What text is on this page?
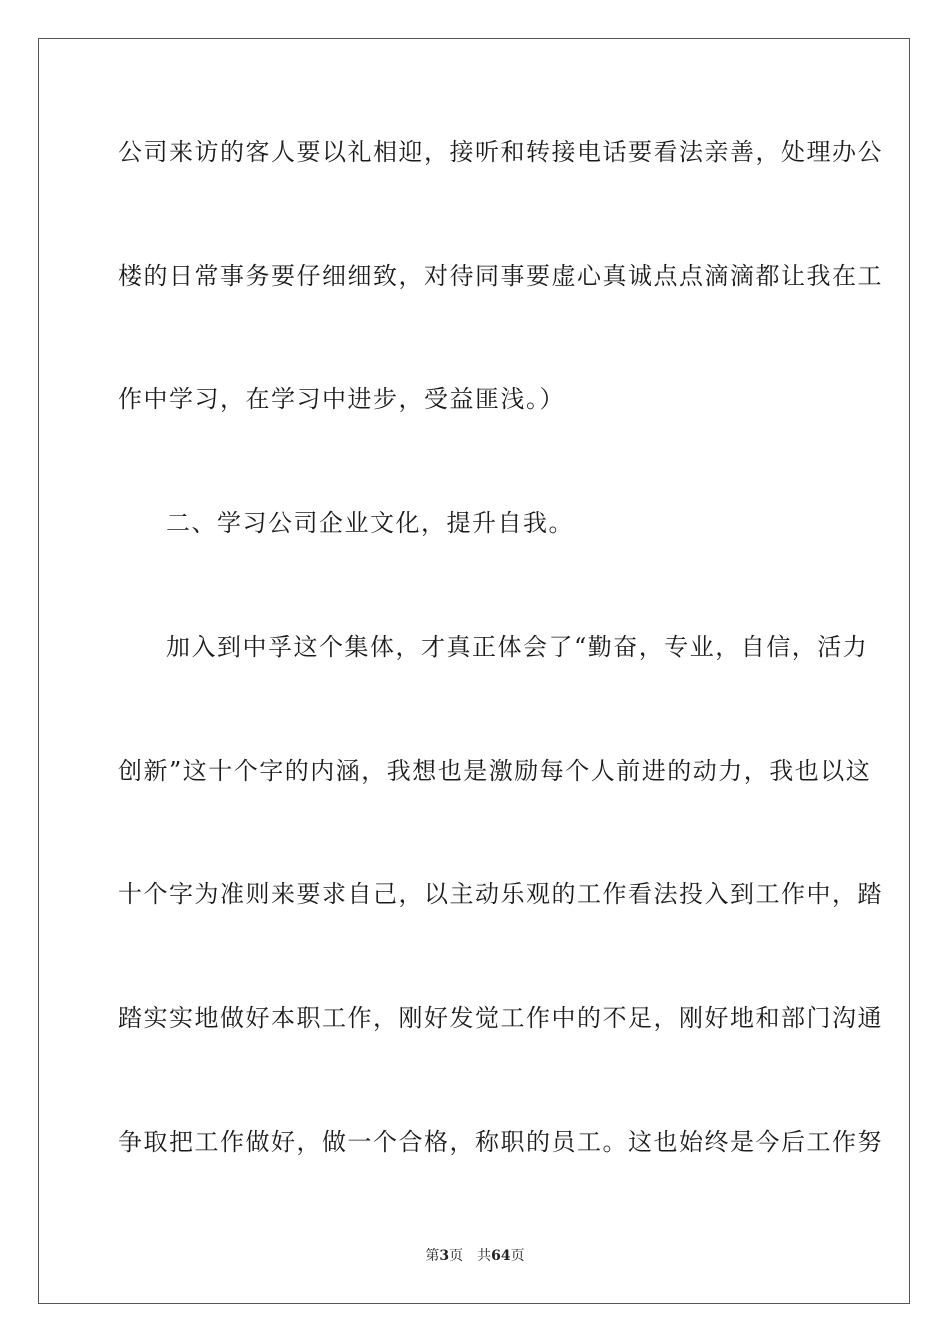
公司来访的客人要以礼相迎，接听和转接电话要看法亲善，处理办公
楼的日常事务要仔细细致，对待同事要虚心真诚点点滴滴都让我在工
作中学习，在学习中进步，受益匪浅。）
二、学习公司企业文化，提升自我。
加入到中孚这个集体，才真正体会了“勤奋，专业，自信，活力
创新”这十个字的内涵，我想也是激励每个人前进的动力，我也以这
十个字为准则来要求自己，以主动乐观的工作看法投入到工作中，踏
踏实实地做好本职工作，刚好发觉工作中的不足，刚好地和部门沟通
争取把工作做好，做一个合格，称职的员工。这也始终是今后工作努
第3页 共64页
